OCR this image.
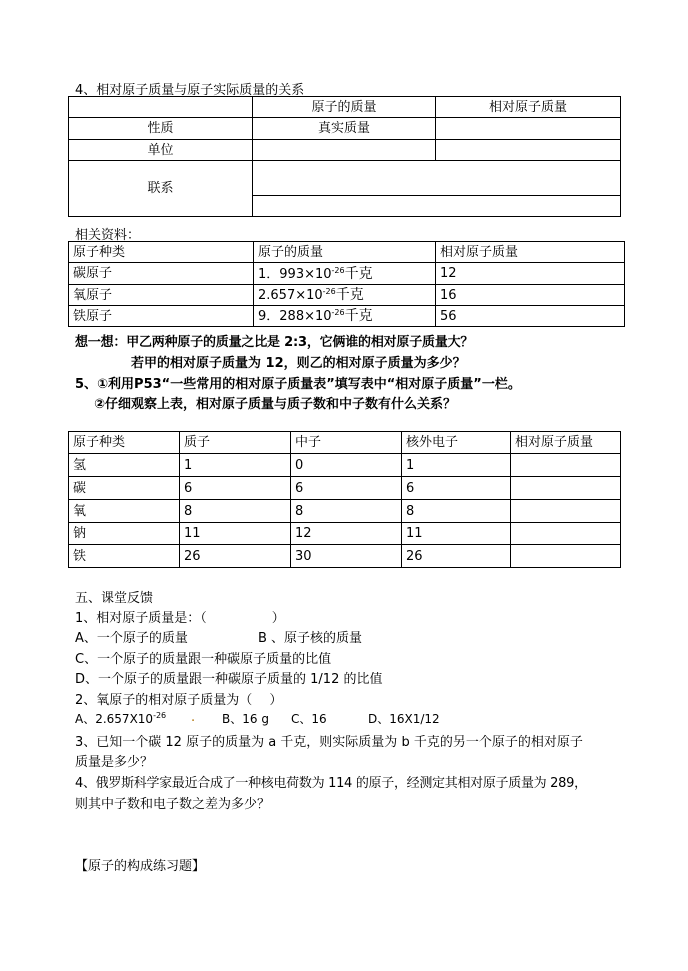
4、相对原子质量与原子实际质量的关系
	原子的质量	相对原子质量
性质	真实质量	
单位		
联系		

相关资料：
原子种类	原子的质量	相对原子质量
碳原子	1．$993\times 10^{-26}$千克	12
氧原子	$2.657\times 10^{-26}$千克	16
铁原子	9．$288\times 10^{-26}$千克	56
想一想：甲乙两种原子的质量之比是 2:3，它俩谁的相对原子质量大？
若甲的相对原子质量为 12，则乙的相对原子质量为多少？
5、①利用P53“一些常用的相对原子质量表”填写表中“相对原子质量”一栏。
②仔细观察上表，相对原子质量与质子数和中子数有什么关系？
原子种类	质子	中子	核外电子	相对原子质量
氢	1	0	1	
碳	6	6	6	
氧	8	8	8	
钠	11	12	11	
铁	26	30	26	
五、课堂反馈
1、相对原子质量是：（　　　　　）
A、一个原子的质量	B 、原子核的质量
C、一个原子的质量跟一种碳原子质量的比值
D、一个原子的质量跟一种碳原子质量的 1/12 的比值
2、氧原子的相对原子质量为（　 ）
A、$2.657X10^{-26}$ . B、16 g C、16	D、16X1/12
3、已知一个碳 12 原子的质量为 a 千克，则实际质量为 b 千克的另一个原子的相对原子
质量是多少？
4、俄罗斯科学家最近合成了一种核电荷数为 114 的原子，经测定其相对原子质量为 289，
则其中子数和电子数之差为多少？
【原子的构成练习题】
